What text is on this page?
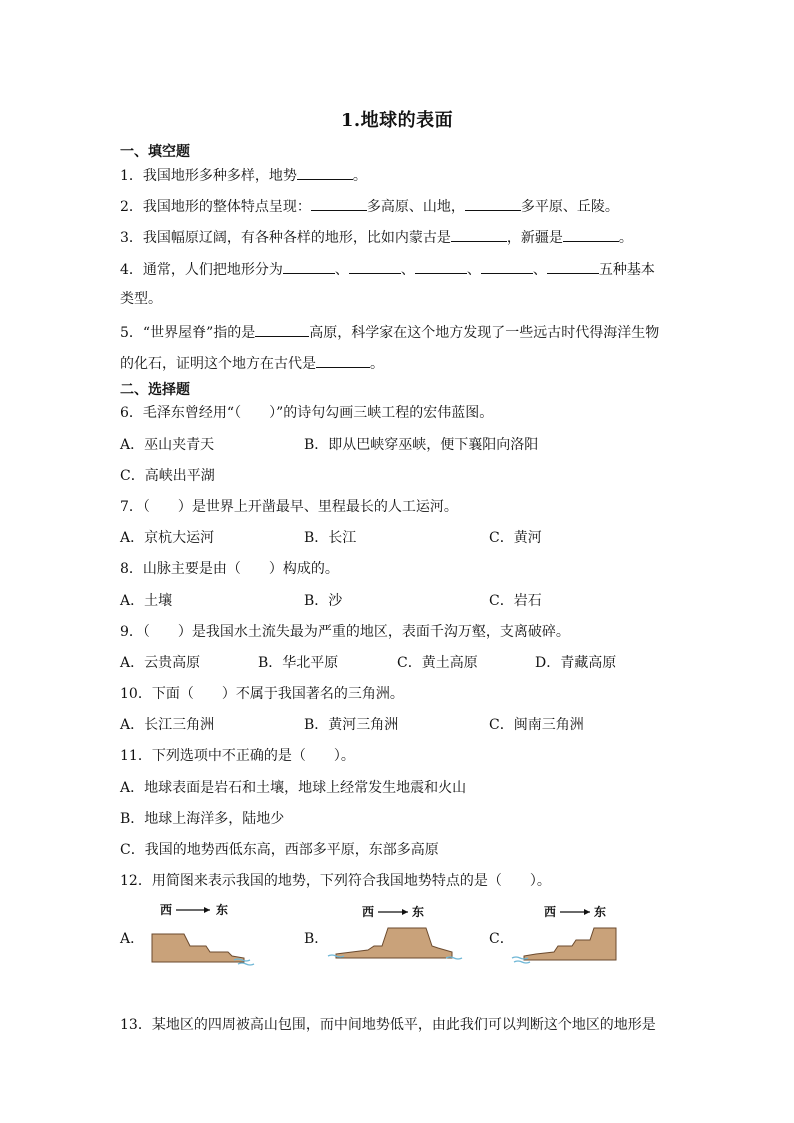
1.地球的表面
一、填空题
1．我国地形多种多样，地势	。
2．我国地形的整体特点呈现：	多高原、山地，	多平原、丘陵。
3．我国幅原辽阔，有各种各样的地形，比如内蒙古是	，新疆是	。
4．通常，人们把地形分为	、	、	、	、	五种基本
类型。
5．“世界屋脊”指的是	高原，科学家在这个地方发现了一些远古时代得海洋生物
的化石，证明这个地方在古代是	。
二、选择题
6．毛泽东曾经用“（　　）”的诗句勾画三峡工程的宏伟蓝图。
A．巫山夹青天	B．即从巴峡穿巫峡，便下襄阳向洛阳
C．高峡出平湖
7．（　　）是世界上开凿最早、里程最长的人工运河。
A．京杭大运河	B．长江	C．黄河
8．山脉主要是由（　　）构成的。
A．土壤	B．沙	C．岩石
9．（　　）是我国水土流失最为严重的地区，表面千沟万壑，支离破碎。
A．云贵高原	B．华北平原	C．黄土高原	D．青藏高原
10．下面（　　）不属于我国著名的三角洲。
A．长江三角洲	B．黄河三角洲	C．闽南三角洲
11．下列选项中不正确的是（　　）。
A．地球表面是岩石和土壤，地球上经常发生地震和火山
B．地球上海洋多，陆地少
C．我国的地势西低东高，西部多平原，东部多高原
12．用简图来表示我国的地势，下列符合我国地势特点的是（　　）。
A．
西	东
B．
西	东
C．
西	东
13．某地区的四周被高山包围，而中间地势低平，由此我们可以判断这个地区的地形是
